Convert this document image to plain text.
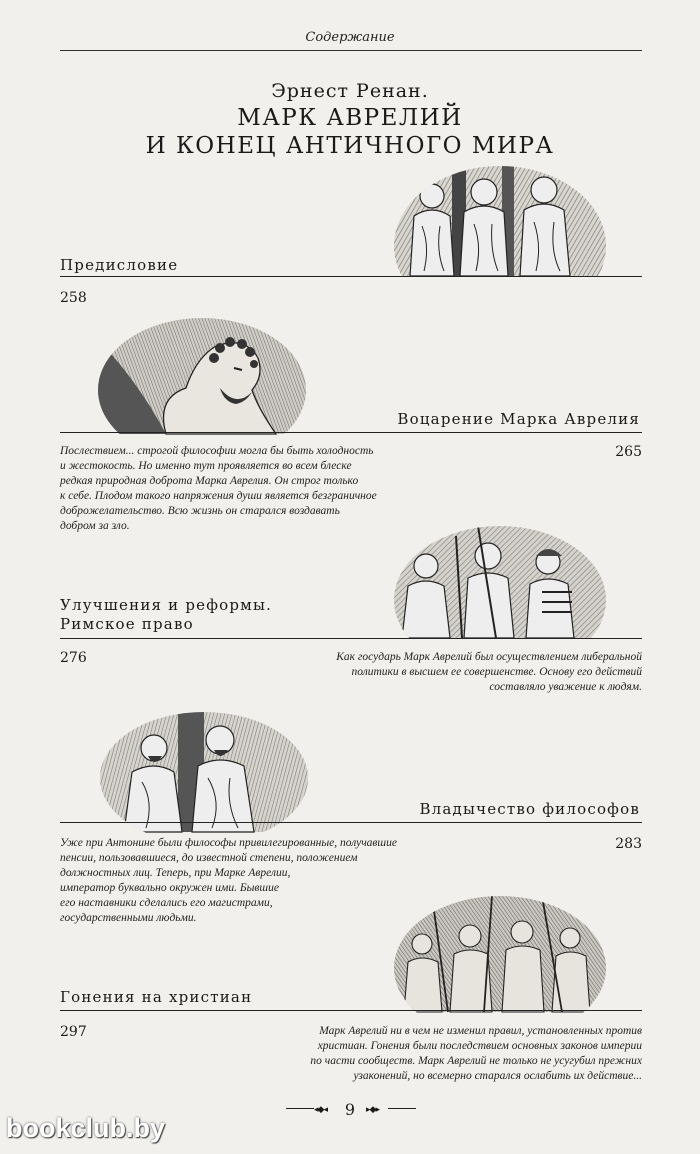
Содержание
Эрнест Ренан.
МАРК АВРЕЛИЙ
И КОНЕЦ АНТИЧНОГО МИРА
Предисловие
258
Воцарение Марка Аврелия
265
Послествием... строгой философии могла бы быть холодность
и жестокость. Но именно тут проявляется во всем блеске
редкая природная доброта Марка Аврелия. Он строг только
к себе. Плодом такого напряжения души является безграничное
доброжелательство. Всю жизнь он старался воздавать
добром за зло.
Улучшения и реформы.
Римское право
276	Как государь Марк Аврелий был осуществлением либеральной
политики в высшем ее совершенстве. Основу его действий
составляло уважение к людям.
Владычество философов
283
Уже при Антонине были философы привилегированные, получавшие
пенсии, пользовавшиеся, до известной степени, положением
должностных лиц. Теперь, при Марке Аврелии,
император буквально окружен ими. Бывшие
его наставники сделались его магистрами,
государственными людьми.
Гонения на христиан
297	Марк Аврелий ни в чем не изменил правил, установленных против
христиан. Гонения были последствием основных законов империи
по части сообществ. Марк Аврелий не только не усугубил прежних
узаконений, но всемерно старался ослабить их действие...
◂◆◂	9	▸◆▸
bookclub.by
